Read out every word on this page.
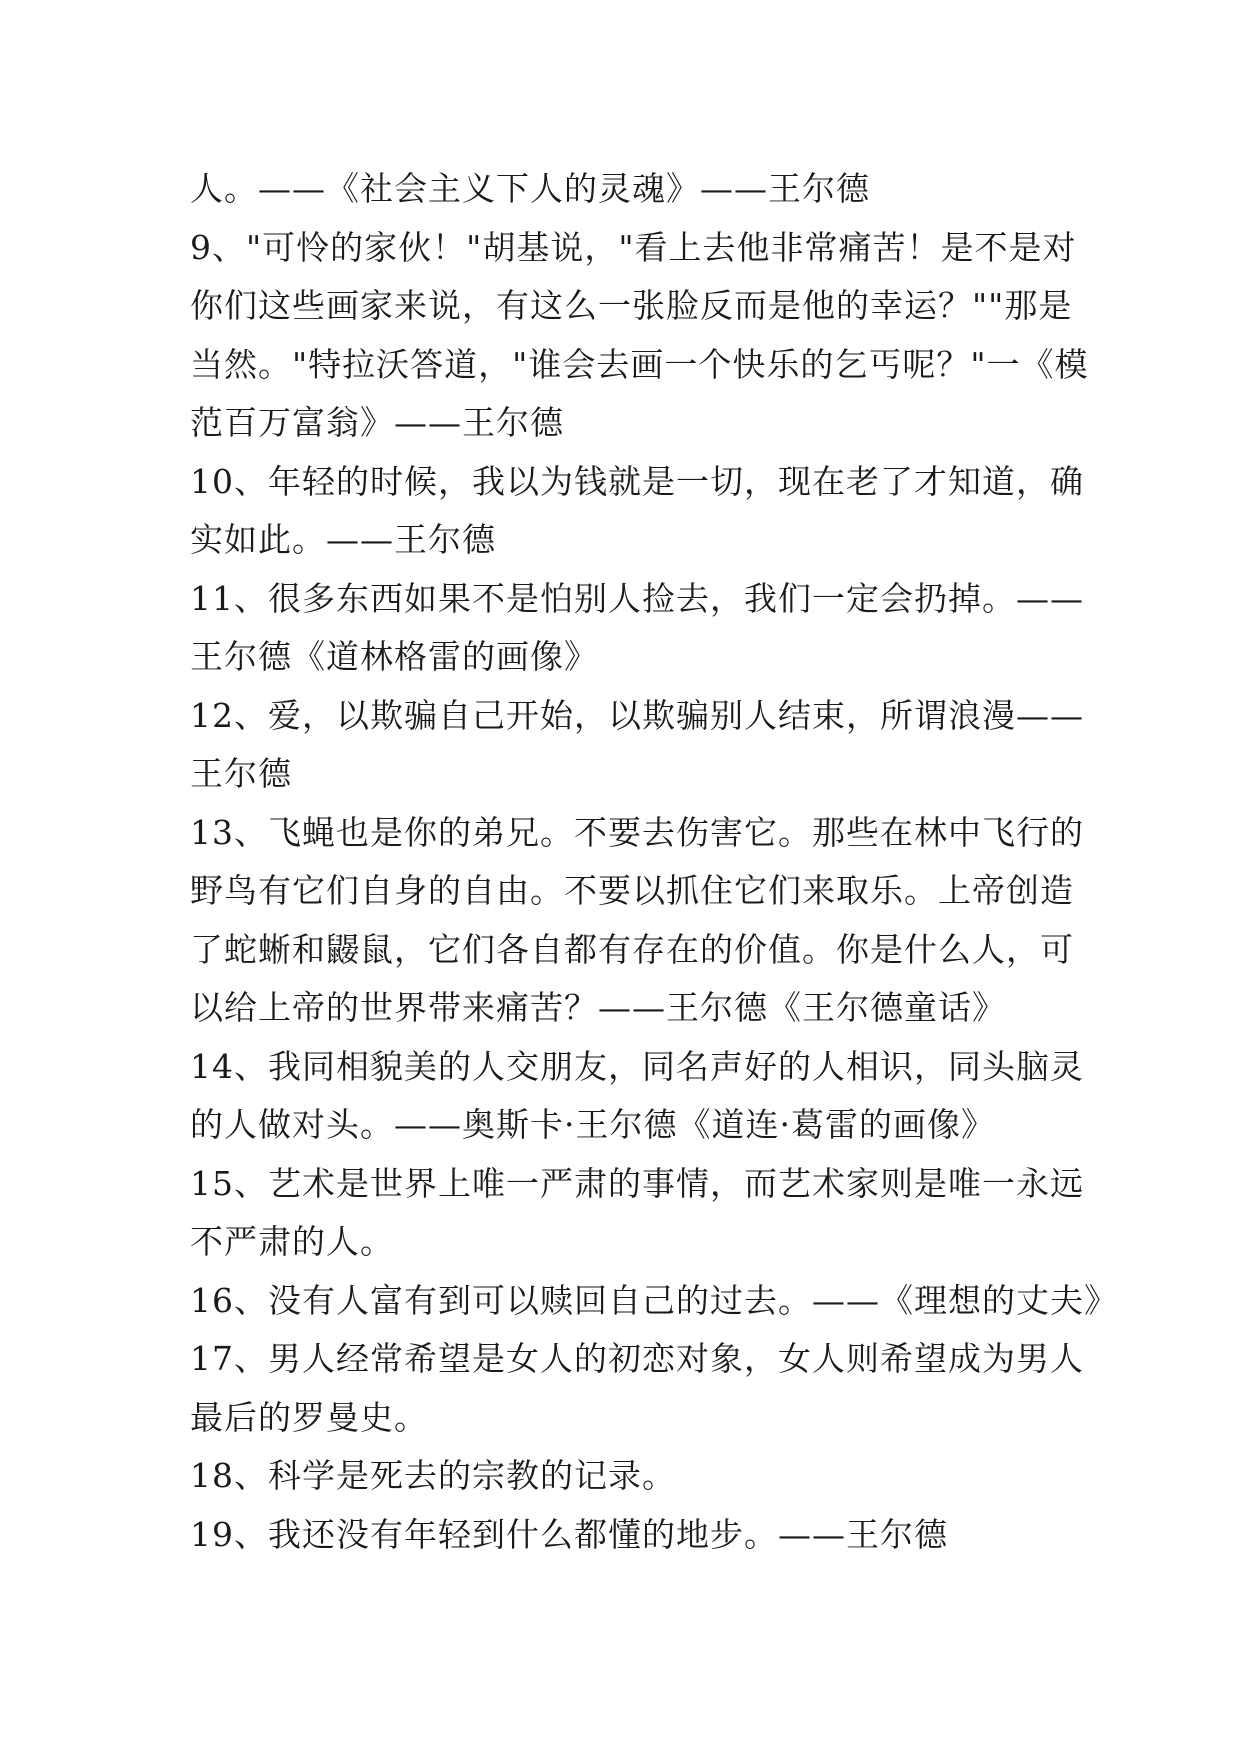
人。——《社会主义下人的灵魂》——王尔德
9、"可怜的家伙！"胡基说，"看上去他非常痛苦！是不是对
你们这些画家来说，有这么一张脸反而是他的幸运？""那是
当然。"特拉沃答道，"谁会去画一个快乐的乞丐呢？"一《模
范百万富翁》——王尔德
10、年轻的时候，我以为钱就是一切，现在老了才知道，确
实如此。——王尔德
11、很多东西如果不是怕别人捡去，我们一定会扔掉。——
王尔德《道林格雷的画像》
12、爱，以欺骗自己开始，以欺骗别人结束，所谓浪漫——
王尔德
13、飞蝇也是你的弟兄。不要去伤害它。那些在林中飞行的
野鸟有它们自身的自由。不要以抓住它们来取乐。上帝创造
了蛇蜥和鼹鼠，它们各自都有存在的价值。你是什么人，可
以给上帝的世界带来痛苦？——王尔德《王尔德童话》
14、我同相貌美的人交朋友，同名声好的人相识，同头脑灵
的人做对头。——奥斯卡·王尔德《道连·葛雷的画像》
15、艺术是世界上唯一严肃的事情，而艺术家则是唯一永远
不严肃的人。
16、没有人富有到可以赎回自己的过去。——《理想的丈夫》
17、男人经常希望是女人的初恋对象，女人则希望成为男人
最后的罗曼史。
18、科学是死去的宗教的记录。
19、我还没有年轻到什么都懂的地步。——王尔德
